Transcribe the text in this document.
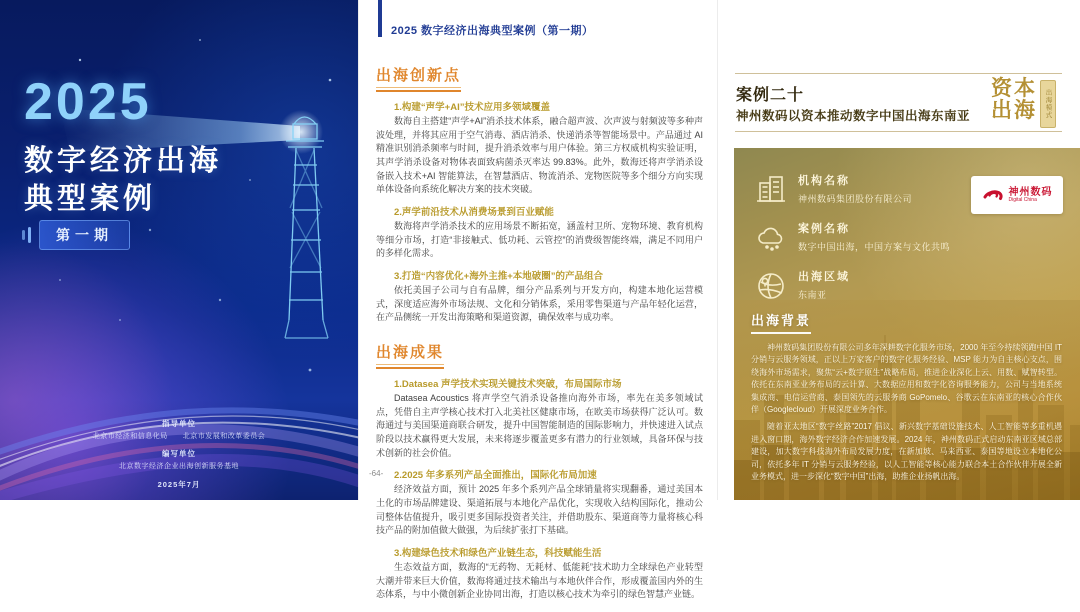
2025
数字经济出海
典型案例
第一期
指导单位
北京市经济和信息化局　　北京市发展和改革委员会
编写单位
北京数字经济企业出海创新服务基地
2025年7月
2025 数字经济出海典型案例（第一期）
出海创新点
1.构建“声学+AI”技术应用多领域覆盖

数海自主搭建“声学+AI”消杀技术体系，融合超声波、次声波与射频波等多种声波处理，并将其应用于空气消毒、酒店消杀、快递消杀等智能场景中。产品通过 AI 精准识别消杀频率与时间，提升消杀效率与用户体验。第三方权威机构实验证明，其声学消杀设备对物体表面致病菌杀灭率达 99.83%。此外，数海还将声学消杀设备嵌入技术+AI 智能算法，在智慧酒店、物流消杀、宠物医院等多个细分方向实现单体设备向系统化解决方案的技术突破。

2.声学前沿技术从消费场景到百业赋能

数海将声学消杀技术的应用场景不断拓宽，涵盖村卫所、宠物环境、教育机构等细分市场，打造“非接触式、低功耗、云管控”的消费级智能终端，满足不同用户的多样化需求。

3.打造“内容优化+海外主推+本地破圈”的产品组合

依托美国子公司与自有品牌，细分产品系列与开发方向，构建本地化运营模式，深度适应海外市场法规、文化和分销体系，采用零售渠道与产品年轻化运营，在产品侧统一开发出海策略和渠道资源，确保效率与成功率。

出海成果
1.Datasea 声学技术实现关键技术突破，布局国际市场

Datasea Acoustics 将声学空气消杀设备推向海外市场，率先在美多领域试点，凭借自主声学核心技术打入北美社区健康市场，在欧美市场获得广泛认可。数海通过与美国渠道商联合研发，提升中国智能制造的国际影响力，并快速进入试点阶段以技术赢得更大发展，未来将逐步覆盖更多有潜力的行业领域，具备环保与技术创新的社会价值。

2.2025 年多系列产品全面推出，国际化布局加速

经济效益方面，预计 2025 年多个系列产品全球销量将实现翻番，通过美国本土化的市场品牌建设、渠道拓展与本地化产品优化，实现收入结构国际化，推动公司整体估值提升，吸引更多国际投资者关注，并借助股东、渠道商等力量将核心科技产品的附加值做大做强，为后续扩张打下基础。

3.构建绿色技术和绿色产业链生态，科技赋能生活

生态效益方面，数海的“无药物、无耗材、低能耗”技术助力全球绿色产业转型大潮并带来巨大价值，数海将通过技术输出与本地伙伴合作，形成覆盖国内外的生态体系，与中小微创新企业协同出海，打造以核心技术为牵引的绿色智慧产业链。

-64-
案例二十
神州数码以资本推动数字中国出海东南亚
资本
出海	出海模式
机构名称
神州数码集团股份有限公司
案例名称
数字中国出海，中国方案与文化共鸣
出海区域
东南亚
神州数码
Digital China
出海背景

神州数码集团股份有限公司多年深耕数字化服务市场，2000 年至今持续领跑中国 IT 分销与云服务领域，正以上万家客户的数字化服务经验、MSP 能力为自主核心支点，围绕海外市场需求，聚焦“云+数字原生”战略布局，推进企业深化上云、用数、赋智转型。依托在东南亚业务布局的云计算、大数据应用和数字化咨询服务能力，公司与当地系统集成商、电信运营商、泰国领先的云服务商 GoPomelo、谷歌云在东南亚的核心合作伙伴（Googlecloud）开展深度业务合作。

随着亚太地区“数字丝路”2017 倡议、新兴数字基础设施技术、人工智能等多重机遇进入窗口期，海外数字经济合作加速发展。2024 年，神州数码正式启动东南亚区域总部建设，加大数字科技海外布局发展力度，在新加坡、马来西亚、泰国等地设立本地化公司，依托多年 IT 分销与云服务经验，以人工智能等核心能力联合本土合作伙伴开展全新业务模式，进一步深化“数字中国”出海，助推企业扬帆出海。
